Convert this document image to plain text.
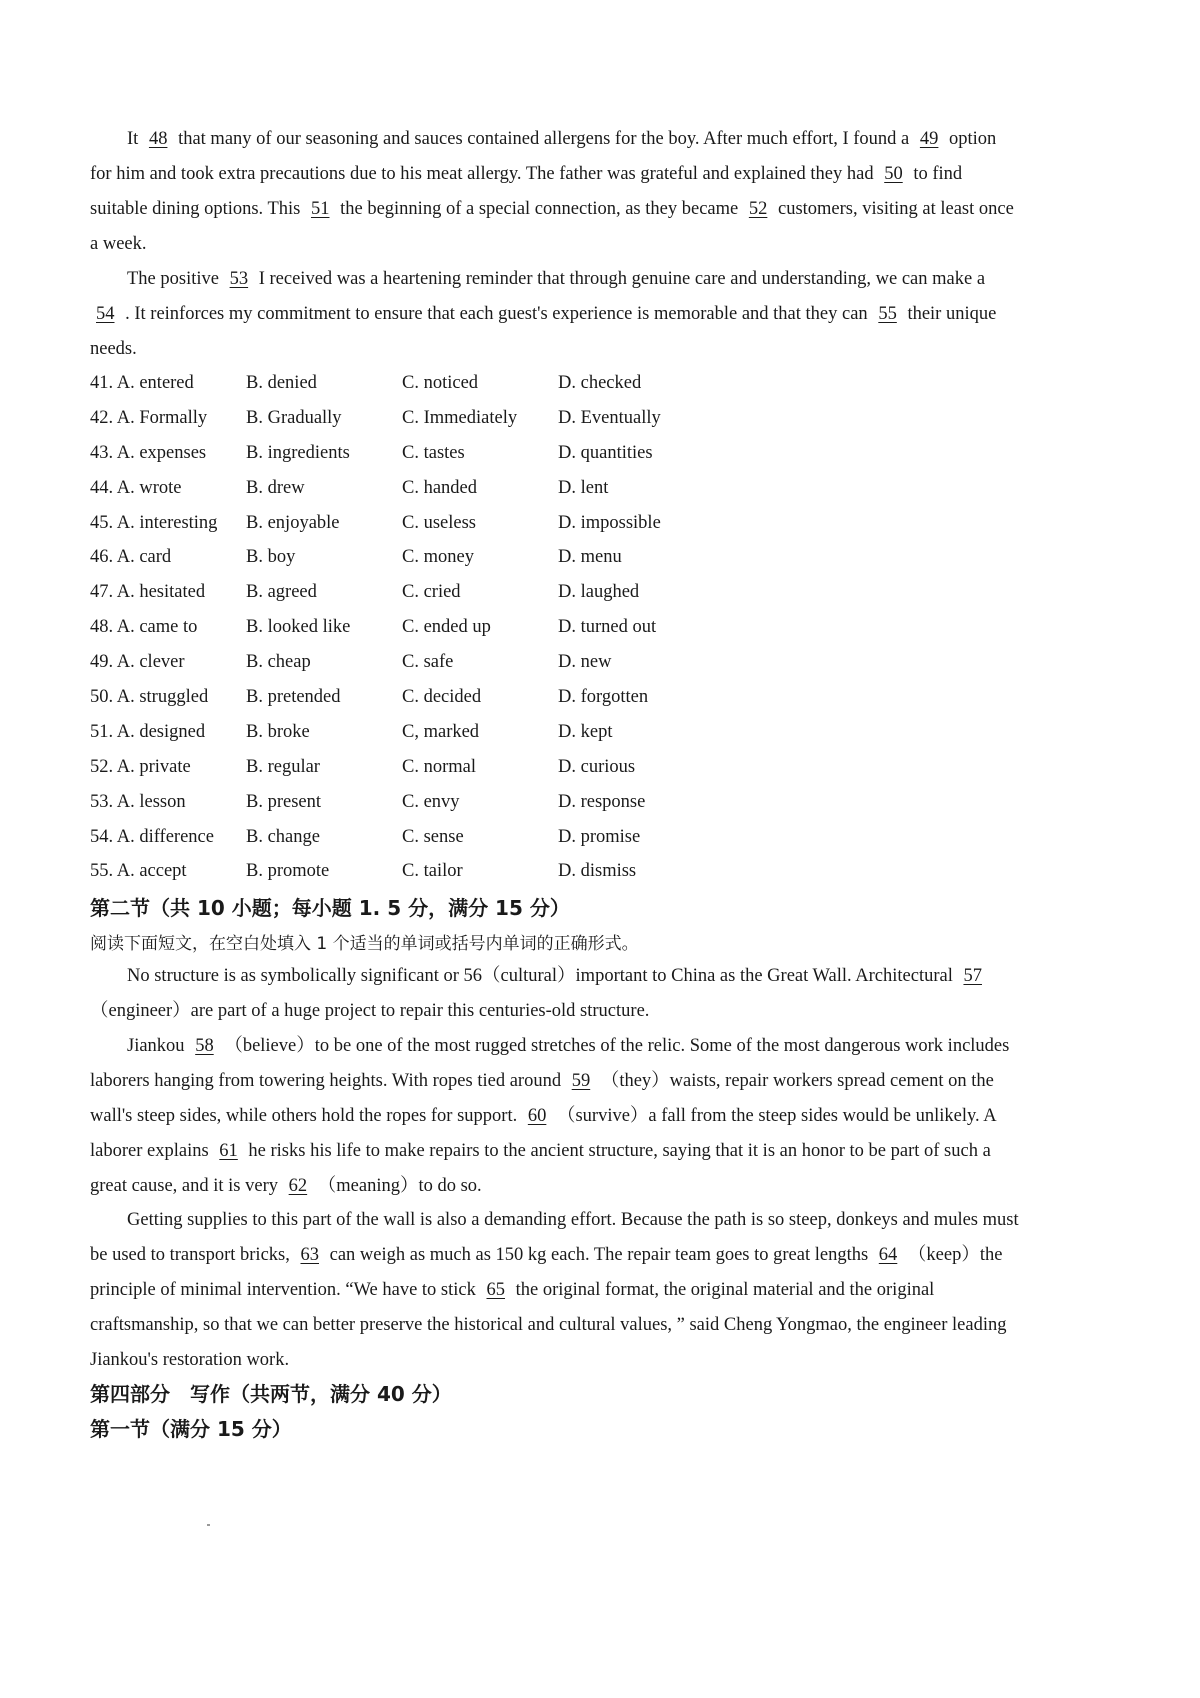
It 48 that many of our seasoning and sauces contained allergens for the boy. After much effort, I found a 49 option for him and took extra precautions due to his meat allergy. The father was grateful and explained they had 50 to find suitable dining options. This 51 the beginning of a special connection, as they became 52 customers, visiting at least once a week.

The positive 53 I received was a heartening reminder that through genuine care and understanding, we can make a 54 . It reinforces my commitment to ensure that each guest's experience is memorable and that they can 55 their unique needs.

41. A. entered	B. denied	C. noticed	D. checked
42. A. Formally	B. Gradually	C. Immediately	D. Eventually
43. A. expenses	B. ingredients	C. tastes	D. quantities
44. A. wrote	B. drew	C. handed	D. lent
45. A. interesting	B. enjoyable	C. useless	D. impossible
46. A. card	B. boy	C. money	D. menu
47. A. hesitated	B. agreed	C. cried	D. laughed
48. A. came to	B. looked like	C. ended up	D. turned out
49. A. clever	B. cheap	C. safe	D. new
50. A. struggled	B. pretended	C. decided	D. forgotten
51. A. designed	B. broke	C, marked	D. kept
52. A. private	B. regular	C. normal	D. curious
53. A. lesson	B. present	C. envy	D. response
54. A. difference	B. change	C. sense	D. promise
55. A. accept	B. promote	C. tailor	D. dismiss
第二节（共 10 小题；每小题 1. 5 分，满分 15 分）
阅读下面短文，在空白处填入 1 个适当的单词或括号内单词的正确形式。

No structure is as symbolically significant or 56（cultural）important to China as the Great Wall. Architectural 57 （engineer）are part of a huge project to repair this centuries-old structure.

Jiankou 58 （believe）to be one of the most rugged stretches of the relic. Some of the most dangerous work includes laborers hanging from towering heights. With ropes tied around 59 （they）waists, repair workers spread cement on the wall's steep sides, while others hold the ropes for support. 60 （survive）a fall from the steep sides would be unlikely. A laborer explains 61 he risks his life to make repairs to the ancient structure, saying that it is an honor to be part of such a great cause, and it is very 62 （meaning）to do so.

Getting supplies to this part of the wall is also a demanding effort. Because the path is so steep, donkeys and mules must be used to transport bricks, 63 can weigh as much as 150 kg each. The repair team goes to great lengths 64 （keep）the principle of minimal intervention. “We have to stick 65 the original format, the original material and the original craftsmanship, so that we can better preserve the historical and cultural values, ” said Cheng Yongmao, the engineer leading Jiankou's restoration work.

第四部分　写作（共两节，满分 40 分）
第一节（满分 15 分）
